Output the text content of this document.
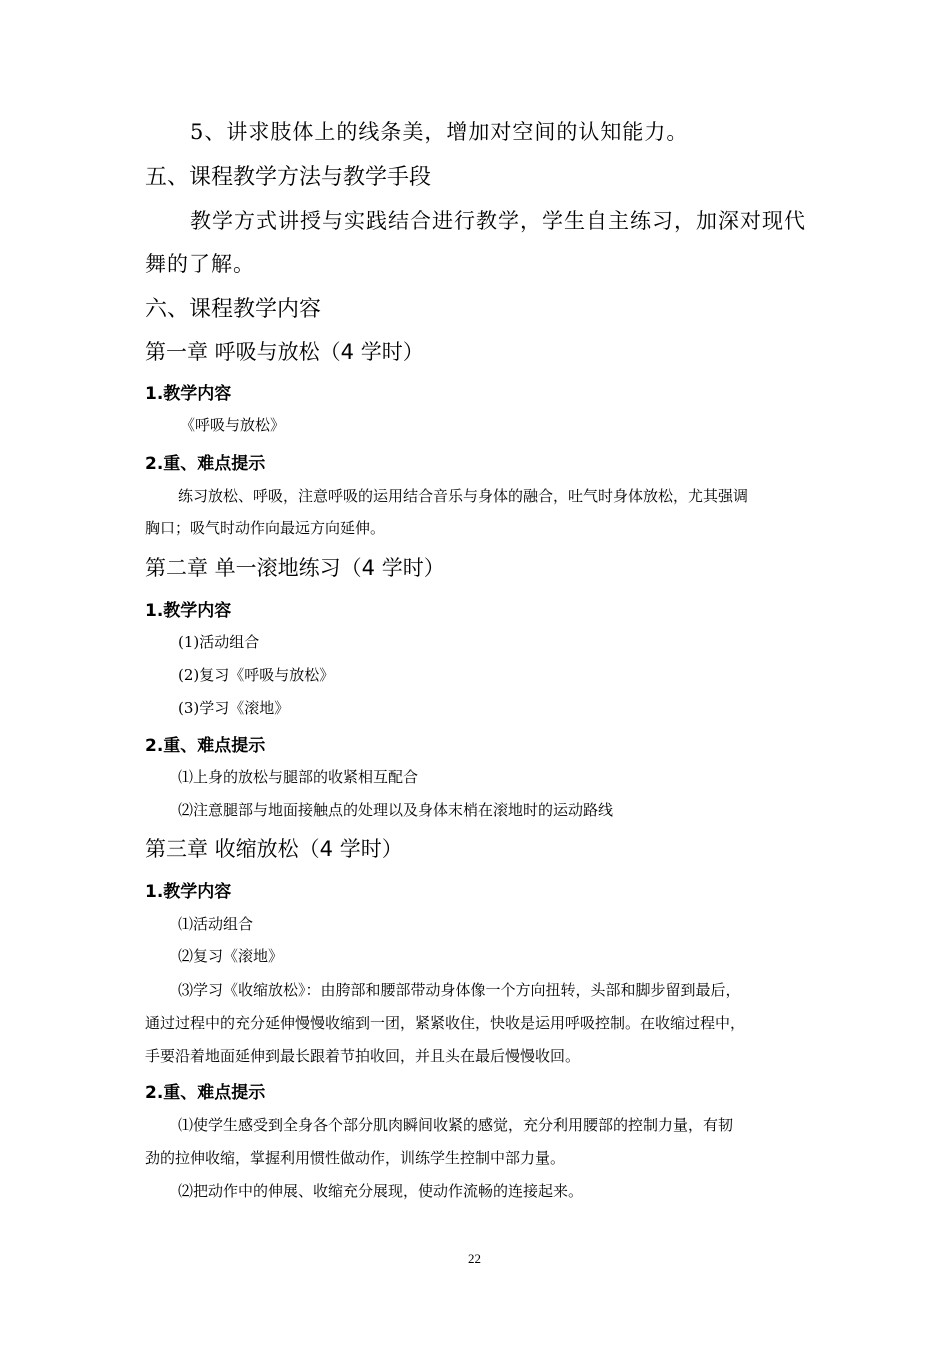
5、讲求肢体上的线条美，增加对空间的认知能力。

五、课程教学方法与教学手段

教学方式讲授与实践结合进行教学，学生自主练习，加深对现代

舞的了解。

六、课程教学内容

第一章 呼吸与放松（4 学时）

1.教学内容

《呼吸与放松》

2.重、难点提示

练习放松、呼吸，注意呼吸的运用结合音乐与身体的融合，吐气时身体放松，尤其强调

胸口；吸气时动作向最远方向延伸。

第二章 单一滚地练习（4 学时）

1.教学内容

(1)活动组合

(2)复习《呼吸与放松》

(3)学习《滚地》

2.重、难点提示

⑴上身的放松与腿部的收紧相互配合

⑵注意腿部与地面接触点的处理以及身体末梢在滚地时的运动路线

第三章 收缩放松（4 学时）

1.教学内容

⑴活动组合

⑵复习《滚地》

⑶学习《收缩放松》：由胯部和腰部带动身体像一个方向扭转，头部和脚步留到最后，

通过过程中的充分延伸慢慢收缩到一团，紧紧收住，快收是运用呼吸控制。在收缩过程中，

手要沿着地面延伸到最长跟着节拍收回，并且头在最后慢慢收回。

2.重、难点提示

⑴使学生感受到全身各个部分肌肉瞬间收紧的感觉，充分利用腰部的控制力量，有韧

劲的拉伸收缩，掌握利用惯性做动作，训练学生控制中部力量。

⑵把动作中的伸展、收缩充分展现，使动作流畅的连接起来。

22
